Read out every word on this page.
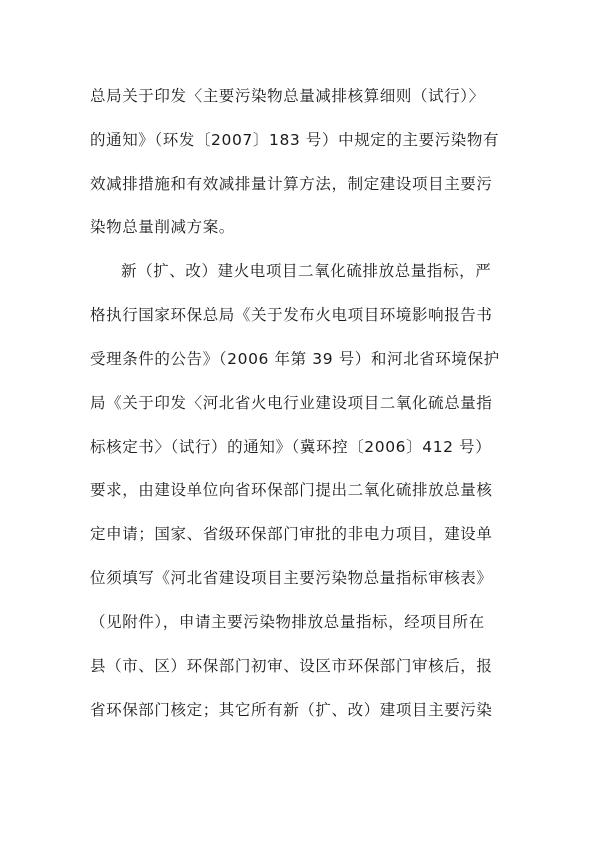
总局关于印发〈主要污染物总量减排核算细则（试行）〉
的通知》（环发〔2007〕183 号）中规定的主要污染物有
效减排措施和有效减排量计算方法，制定建设项目主要污
染物总量削减方案。
新（扩、改）建火电项目二氧化硫排放总量指标，严
格执行国家环保总局《关于发布火电项目环境影响报告书
受理条件的公告》（2006 年第 39 号）和河北省环境保护
局《关于印发〈河北省火电行业建设项目二氧化硫总量指
标核定书〉（试行）的通知》（冀环控〔2006〕412 号）
要求，由建设单位向省环保部门提出二氧化硫排放总量核
定申请；国家、省级环保部门审批的非电力项目，建设单
位须填写《河北省建设项目主要污染物总量指标审核表》
（见附件），申请主要污染物排放总量指标，经项目所在
县（市、区）环保部门初审、设区市环保部门审核后，报
省环保部门核定；其它所有新（扩、改）建项目主要污染
